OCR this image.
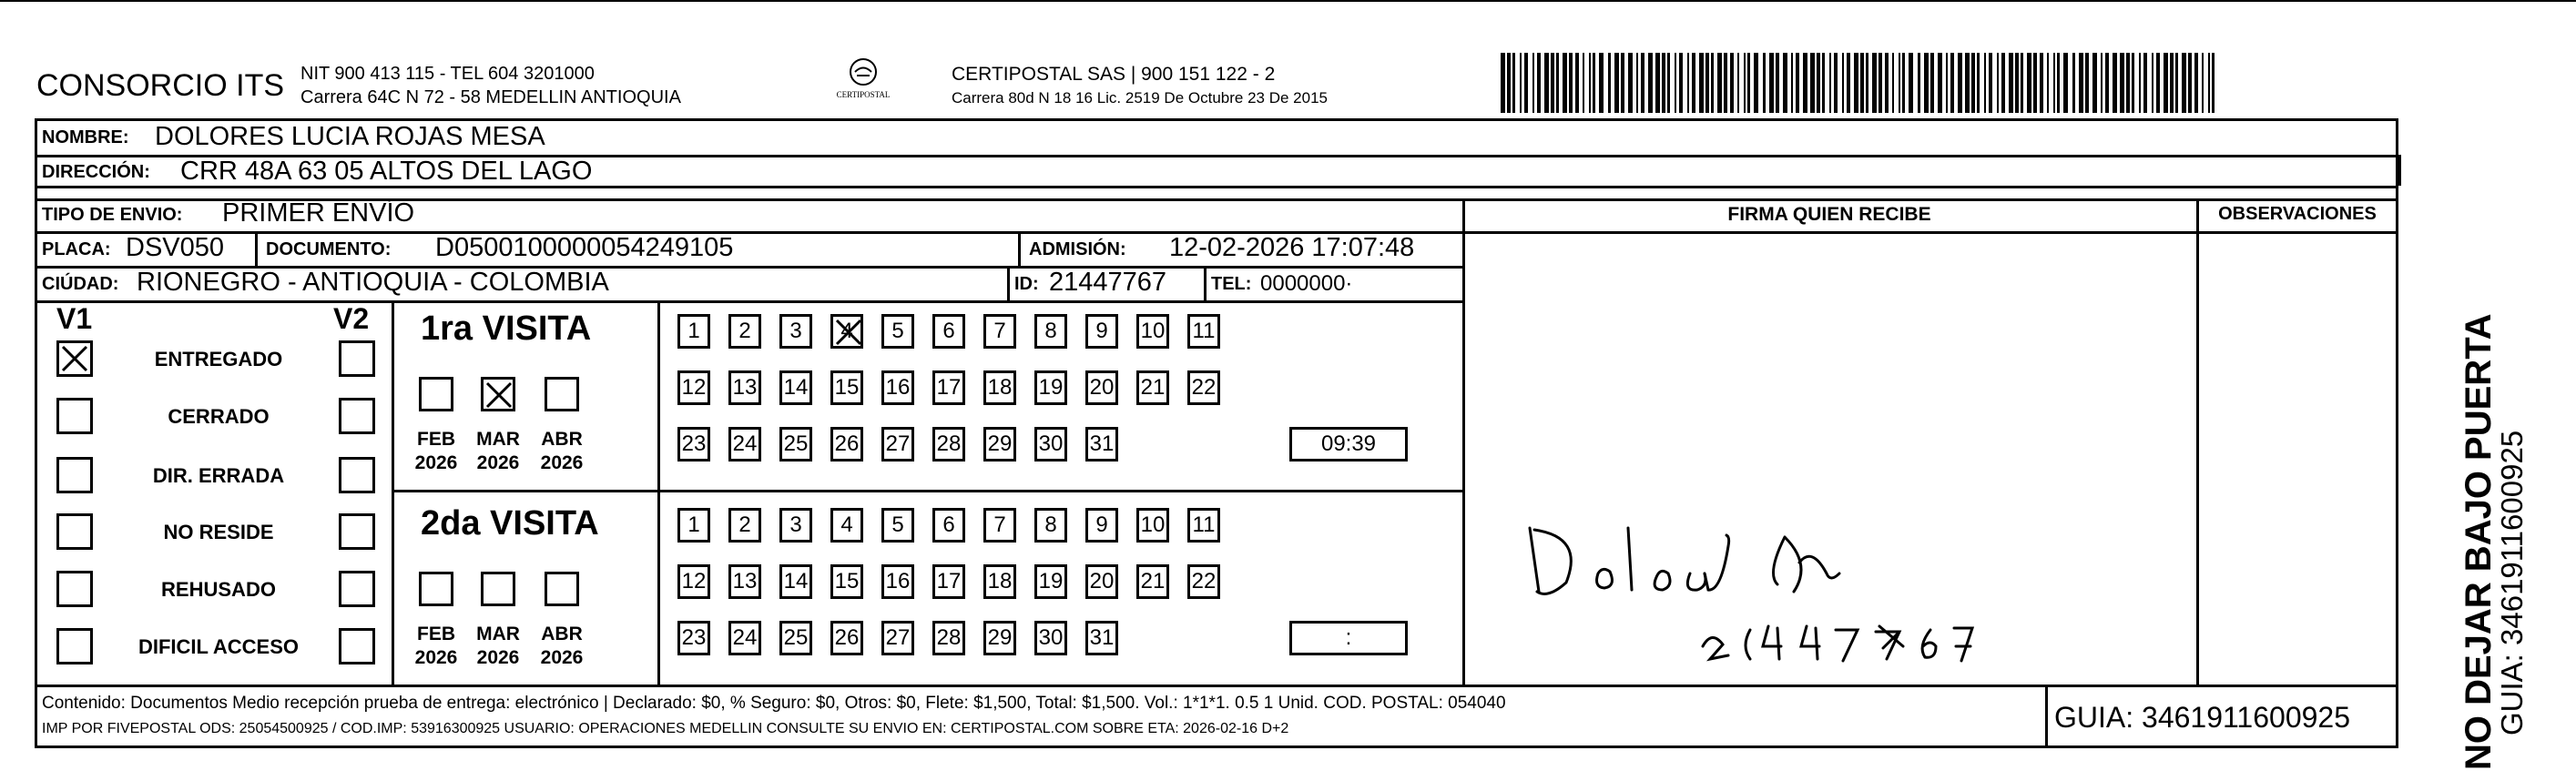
CONSORCIO ITS NIT 900 413 115 - TEL 604 3201000
Carrera 64C N 72 - 58 MEDELLIN ANTIOQUIA	CERTIPOSTAL
CERTIPOSTAL SAS | 900 151 122 - 2
Carrera 80d N 18 16 Lic. 2519 De Octubre 23 De 2015
NOMBRE: DOLORES LUCIA ROJAS MESA
DIRECCIÓN: CRR 48A 63 05 ALTOS DEL LAGO
TIPO DE ENVIO: PRIMER ENVÍO	FIRMA QUIEN RECIBE	OBSERVACIONES
PLACA: DSV050 DOCUMENTO: D0500100000054249105	ADMISIÓN: 12-02-2026 17:07:48
CIÚDAD: RIONEGRO - ANTIOQUIA - COLOMBIA	ID: 21447767 TEL: 0000000·
V1	V2
ENTREGADO
CERRADO
DIR. ERRADA
NO RESIDE
REHUSADO
DIFICIL ACCESO
1ra VISITA
FEB
2026
MAR
2026
ABR
2026
1	2	3	4	5	6	7	8	9	10 11
12 13 14 15 16 17 18 19 20 21 22
23 24 25 26 27 28 29 30 31	09:39
2da VISITA
FEB
2026
MAR
2026
ABR
2026
1	2	3	4	5	6	7	8	9	10 11
12 13 14 15 16 17 18 19 20 21 22
23 24 25 26 27 28 29 30 31	:
Contenido: Documentos Medio recepción prueba de entrega: electrónico | Declarado: $0, % Seguro: $0, Otros: $0, Flete: $1,500, Total: $1,500. Vol.: 1*1*1. 0.5 1 Unid. COD. POSTAL: 054040
IMP POR FIVEPOSTAL ODS: 25054500925 / COD.IMP: 53916300925 USUARIO: OPERACIONES MEDELLIN CONSULTE SU ENVIO EN: CERTIPOSTAL.COM SOBRE ETA: 2026-02-16 D+2	GUIA: 3461911600925	NO DEJAR BAJO PUERTA
GUIA: 3461911600925
